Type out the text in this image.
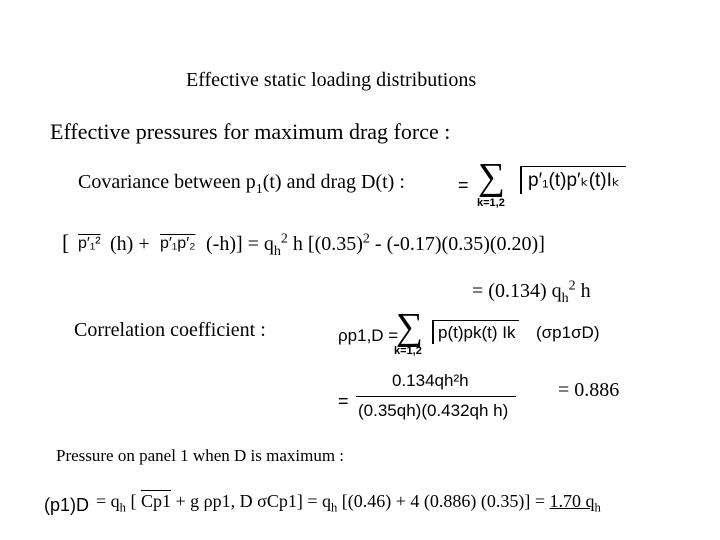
Effective static loading distributions
Effective pressures for maximum drag force :
Covariance between $p_1(t)$ and drag D(t) :	= ∑
k=1,2
p′₁(t)p′ₖ(t)Iₖ
[ p′₁² (h) + p′₁p′₂ $(-h)] = q_h^2$ h $[(0.35)^2 - (-0.17)(0.35)(0.20)]$
= (0.134) $q_h^2$ h
Correlation coefficient :	ρp1,D =
∑
k=1,2
p(t)pk(t) Ik (σp1σD)
=
0.134qh²h
(0.35qh)(0.432qh h)
= 0.886
Pressure on panel 1 when D is maximum :
$(p1)D = q_h$ [ Cp1 + g ρp1, D $\sigma Cp1] = q_h$ [(0.46) + 4 (0.886) (0.35)] = 1.70 $q_h$
